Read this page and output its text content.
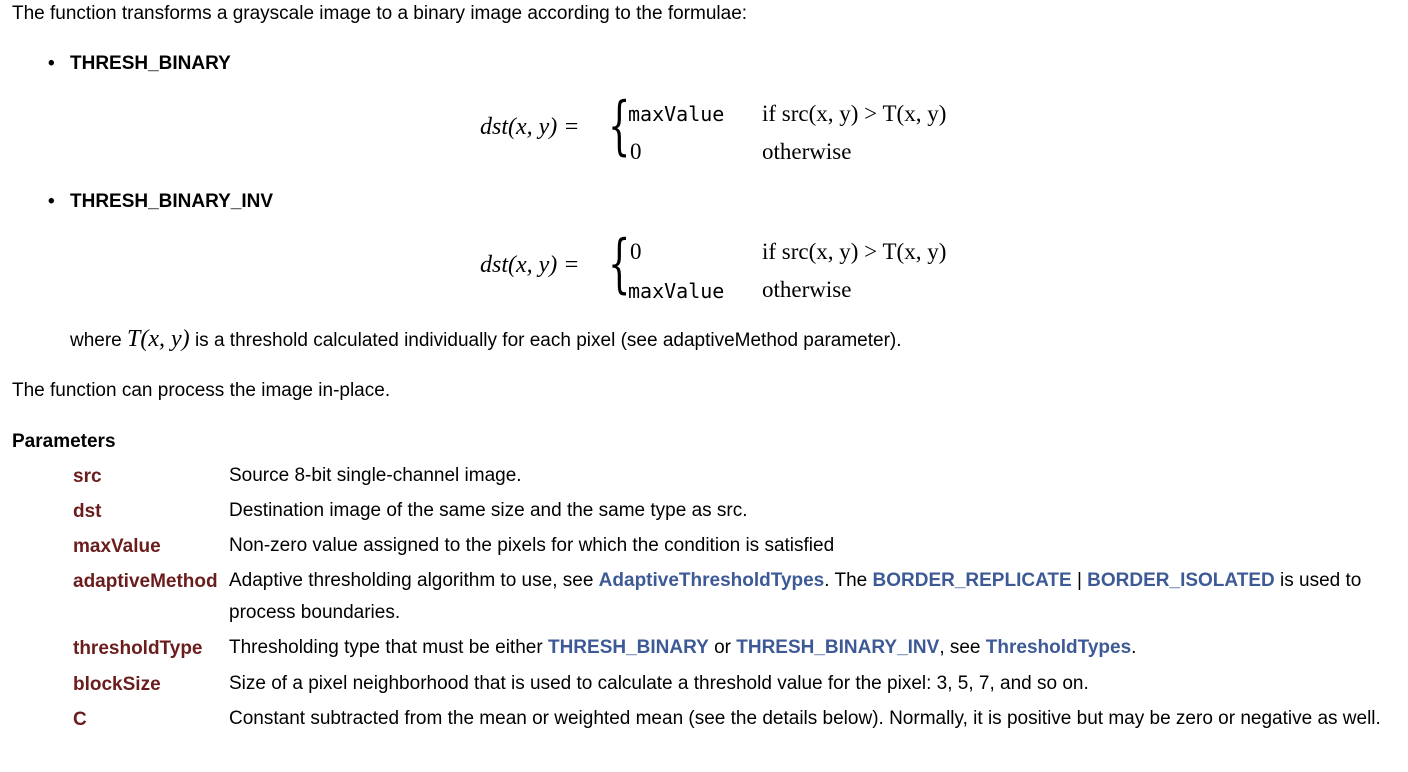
The function transforms a grayscale image to a binary image according to the formulae:
• THRESH_BINARY
dst(x, y) = {
maxValue if src(x, y) > T(x, y)
0	otherwise
• THRESH_BINARY_INV
dst(x, y) = { 0	if src(x, y) > T(x, y)
maxValue otherwise
where T(x, y) is a threshold calculated individually for each pixel (see adaptiveMethod parameter).
The function can process the image in-place.
Parameters
src	Source 8-bit single-channel image.
dst	Destination image of the same size and the same type as src.
maxValue	Non-zero value assigned to the pixels for which the condition is satisfied
adaptiveMethod Adaptive thresholding algorithm to use, see AdaptiveThresholdTypes. The BORDER_REPLICATE | BORDER_ISOLATED is used to process boundaries.
thresholdType Thresholding type that must be either THRESH_BINARY or THRESH_BINARY_INV, see ThresholdTypes.
blockSize	Size of a pixel neighborhood that is used to calculate a threshold value for the pixel: 3, 5, 7, and so on.
C	Constant subtracted from the mean or weighted mean (see the details below). Normally, it is positive but may be zero or negative as well.
